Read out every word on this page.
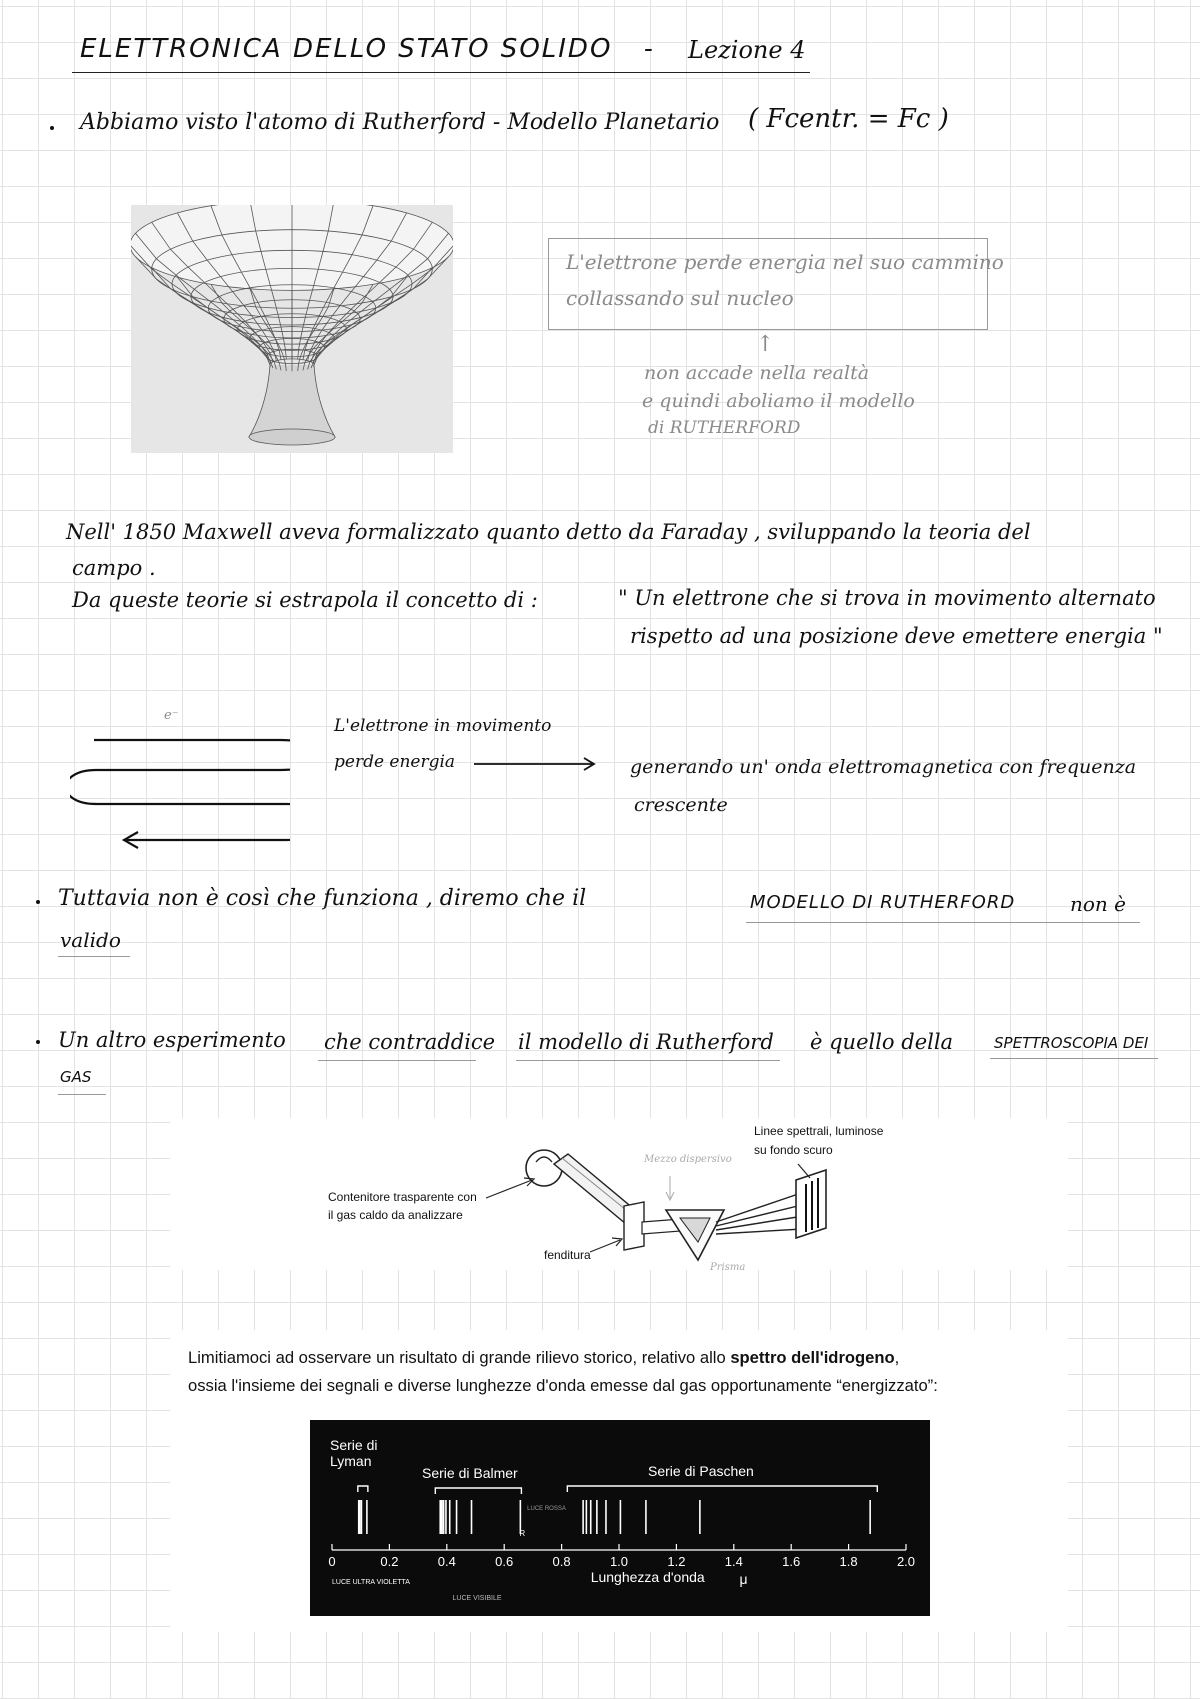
ELETTRONICA DELLO STATO SOLIDO - Lezione 4
Abbiamo visto l'atomo di Rutherford - Modello Planetario ( Fcentr. = Fc )
L'elettrone perde energia nel suo cammino
collassando sul nucleo
↑
non accade nella realtà
e quindi aboliamo il modello
di RUTHERFORD
Nell' 1850 Maxwell aveva formalizzato quanto detto da Faraday , sviluppando la teoria del
campo .
Da queste teorie si estrapola il concetto di :	" Un elettrone che si trova in movimento alternato
rispetto ad una posizione deve emettere energia "
e⁻
L'elettrone in movimento
perde energia	generando un' onda elettromagnetica con frequenza
crescente
Tuttavia non è così che funziona , diremo che il	MODELLO DI RUTHERFORD	non è
valido
Un altro esperimento che contraddice il modello di Rutherford è quello della	SPETTROSCOPIA DEI
GAS
Contenitore trasparente con
il gas caldo da analizzare
fenditura
Linee spettrali, luminose
su fondo scuro
Mezzo dispersivo
Prisma
Limitiamoci ad osservare un risultato di grande rilievo storico, relativo allo spettro dell'idrogeno,
ossia l'insieme dei segnali e diverse lunghezze d'onda emesse dal gas opportunamente “energizzato”:
Serie di
Lyman
Serie di Balmer	Serie di Paschen
0	0.2	0.4	0.6	0.8	1.0	1.2	1.4	1.6	1.8	2.0
Lunghezza d'onda μ
LUCE ULTRA VIOLETTA
LUCE VISIBILE
LUCE ROSSA
R
